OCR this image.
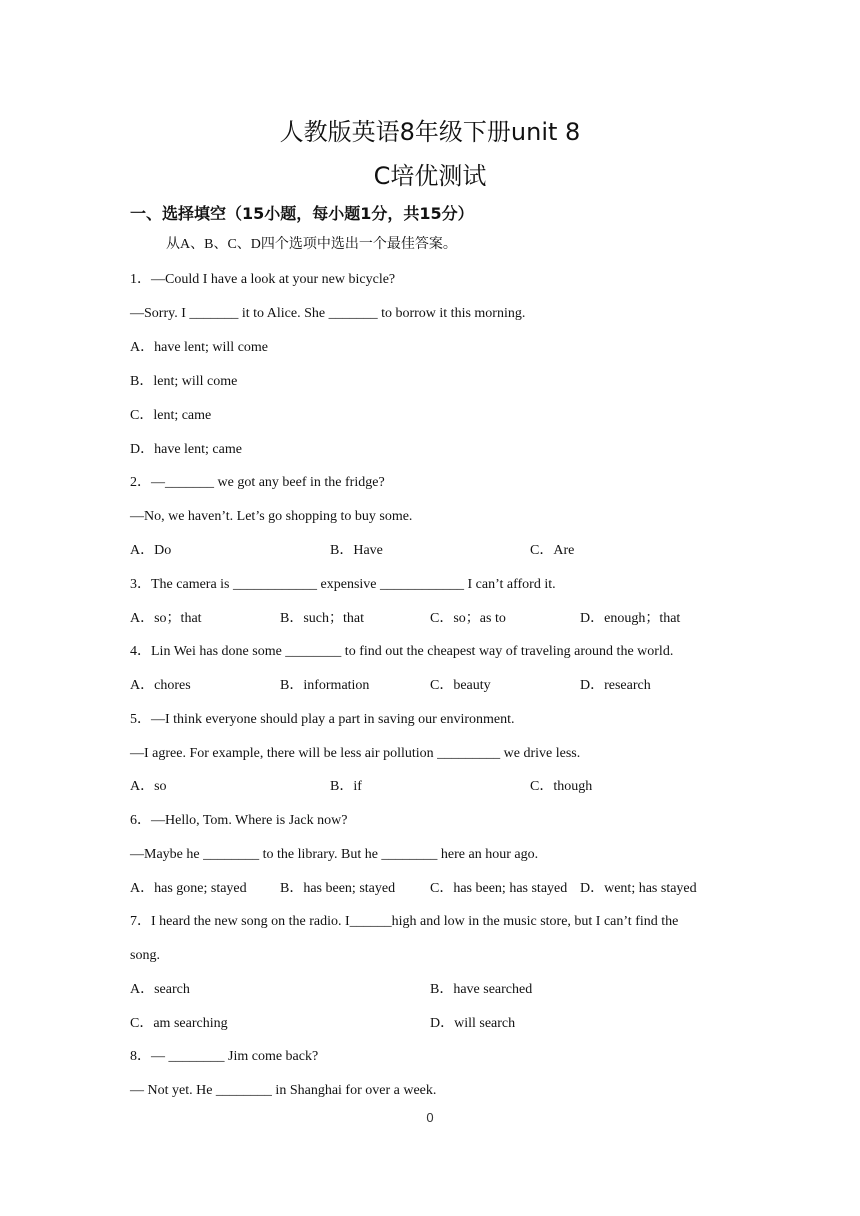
人教版英语8年级下册unit 8
C培优测试
一、选择填空（15小题，每小题1分，共15分）
从A、B、C、D四个选项中选出一个最佳答案。
1．—Could I have a look at your new bicycle?
—Sorry. I _______ it to Alice. She _______ to borrow it this morning.
A．have lent; will come
B．lent; will come
C．lent; came
D．have lent; came
2．—_______ we got any beef in the fridge?
—No, we haven’t. Let’s go shopping to buy some.
A．Do	B．Have	C．Are
3．The camera is ____________ expensive ____________ I can’t afford it.
A．so；that	B．such；that	C．so；as to	D．enough；that
4．Lin Wei has done some ________ to find out the cheapest way of traveling around the world.
A．chores	B．information	C．beauty	D．research
5．—I think everyone should play a part in saving our environment.
—I agree. For example, there will be less air pollution _________ we drive less.
A．so	B．if	C．though
6．—Hello, Tom. Where is Jack now?
—Maybe he ________ to the library. But he ________ here an hour ago.
A．has gone; stayed B．has been; stayed C．has been; has stayed D．went; has stayed
7．I heard the new song on the radio. I______high and low in the music store, but I can’t find the
song.
A．search	B．have searched
C．am searching	D．will search
8．— ________ Jim come back?
— Not yet. He ________ in Shanghai for over a week.
0
